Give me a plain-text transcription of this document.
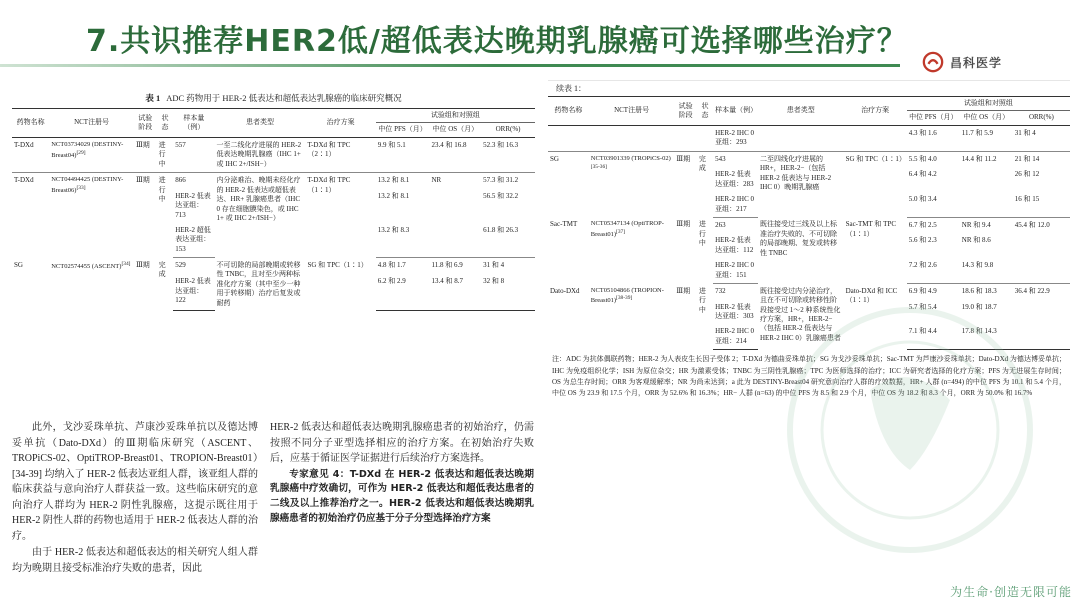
7.共识推荐HER2低/超低表达晚期乳腺癌可选择哪些治疗？
昌科医学
表 1 ADC 药物用于 HER-2 低表达和超低表达乳腺癌的临床研究概况
药物名称	NCT注册号	试验阶段	状态	样本量（例）	患者类型	治疗方案	试验组和对照组		
							中位 PFS（月）	中位 OS（月）	ORR(%)
T-DXd	NCT03734029 (DESTINY-Breast04)[29]	Ⅲ期	进行中	557	一至二线化疗进展的 HER-2 低表达晚期乳腺癌（IHC 1+ 或 IHC 2+/ISH−）	T-DXd 和 TPC（2∶1）	9.9 和 5.1	23.4 和 16.8	52.3 和 16.3
T-DXd	NCT04494425 (DESTINY-Breast06)[33]	Ⅲ期	进行中	866	内分泌难治、晚期未经化疗的 HER-2 低表达或超低表达、HR+ 乳腺癌患者（IHC 0 存在细胞膜染色，或 IHC 1+ 或 IHC 2+/ISH−）	T-DXd 和 TPC（1∶1）	13.2 和 8.1	NR	57.3 和 31.2
				HER-2 低表达亚组：713			13.2 和 8.1		56.5 和 32.2
				HER-2 超低表达亚组：153			13.2 和 8.3		61.8 和 26.3
SG	NCT02574455 (ASCENT)[34]	Ⅲ期	完成	529	不可切除的局部晚期或转移性 TNBC，且对至少两种标准化疗方案（其中至少一种用于转移期）治疗后复发或耐药	SG 和 TPC（1∶1）	4.8 和 1.7	11.8 和 6.9	31 和 4
				HER-2 低表达亚组：122			6.2 和 2.9	13.4 和 8.7	32 和 8

此外，戈沙妥珠单抗、芦康沙妥珠单抗以及德达博妥单抗（Dato-DXd）的Ⅲ期临床研究（ASCENT、TROPiCS-02、OptiTROP-Breast01、TROPION-Breast01）[34-39] 均纳入了 HER-2 低表达亚组人群，该亚组人群的临床获益与意向治疗人群获益一致。这些临床研究的意向治疗人群均为 HER-2 阴性乳腺癌，这提示既往用于 HER-2 阴性人群的药物也适用于 HER-2 低表达人群的治疗。

由于 HER-2 低表达和超低表达的相关研究人组人群均为晚期且接受标准治疗失败的患者，因此

HER-2 低表达和超低表达晚期乳腺癌患者的初始治疗，仍需按照不同分子亚型选择相应的治疗方案。在初始治疗失败后，应基于循证医学证据进行后续治疗方案选择。

专家意见 4：T-DXd 在 HER-2 低表达和超低表达晚期乳腺癌中疗效确切，可作为 HER-2 低表达和超低表达患者的二线及以上推荐治疗之一。HER-2 低表达和超低表达晚期乳腺癌患者的初始治疗仍应基于分子分型选择治疗方案

续表 1：
药物名称	NCT注册号	试验阶段	状态	样本量（例）	患者类型	治疗方案	试验组和对照组		
							中位 PFS（月）	中位 OS（月）	ORR(%)
				HER-2 IHC 0 亚组：293			4.3 和 1.6	11.7 和 5.9	31 和 4
SG	NCT03901339 (TROPiCS-02)[35-36]	Ⅲ期	完成	543	二至四线化疗进展的 HR+，HER-2−（包括 HER-2 低表达与 HER-2 IHC 0）晚期乳腺癌	SG 和 TPC（1∶1）	5.5 和 4.0	14.4 和 11.2	21 和 14
				HER-2 低表达亚组：283			6.4 和 4.2		26 和 12
				HER-2 IHC 0 亚组：217			5.0 和 3.4		16 和 15
Sac-TMT	NCT05347134 (OptiTROP-Breast01)[37]	Ⅲ期	进行中	263	既往接受过三线及以上标准治疗失败的、不可切除的局部晚期、复发或转移性 TNBC	Sac-TMT 和 TPC（1∶1）	6.7 和 2.5	NR 和 9.4	45.4 和 12.0
				HER-2 低表达亚组：112			5.6 和 2.3	NR 和 8.6	
				HER-2 IHC 0 亚组：151			7.2 和 2.6	14.3 和 9.8	
Dato-DXd	NCT05104866 (TROPION-Breast01)[38-39]	Ⅲ期	进行中	732	既往接受过内分泌治疗，且在不可切除或转移性阶段接受过 1～2 种系统性化疗方案，HR+，HER-2−（包括 HER-2 低表达与 HER-2 IHC 0）乳腺癌患者	Dato-DXd 和 ICC（1∶1）	6.9 和 4.9	18.6 和 18.3	36.4 和 22.9
				HER-2 低表达亚组：303			5.7 和 5.4	19.0 和 18.7	
				HER-2 IHC 0 亚组：214			7.1 和 4.4	17.8 和 14.3	
注：ADC 为抗体偶联药物；HER-2 为人表皮生长因子受体 2；T-DXd 为德曲妥珠单抗；SG 为戈沙妥珠单抗；Sac-TMT 为芦康沙妥珠单抗；Dato-DXd 为德达博妥单抗；IHC 为免疫组织化学；ISH 为原位杂交；HR 为激素受体；TNBC 为三阴性乳腺癌；TPC 为医师选择的治疗；ICC 为研究者选择的化疗方案；PFS 为无进展生存时间；OS 为总生存时间；ORR 为客观缓解率；NR 为尚未达到；a 此为 DESTINY-Breast04 研究意向治疗人群的疗效数据，HR+ 人群 (n=494) 的中位 PFS 为 10.1 和 5.4 个月，中位 OS 为 23.9 和 17.5 个月，ORR 为 52.6% 和 16.3%；HR− 人群 (n=63) 的中位 PFS 为 8.5 和 2.9 个月，中位 OS 为 18.2 和 8.3 个月，ORR 为 50.0% 和 16.7%
为生命·创造无限可能
